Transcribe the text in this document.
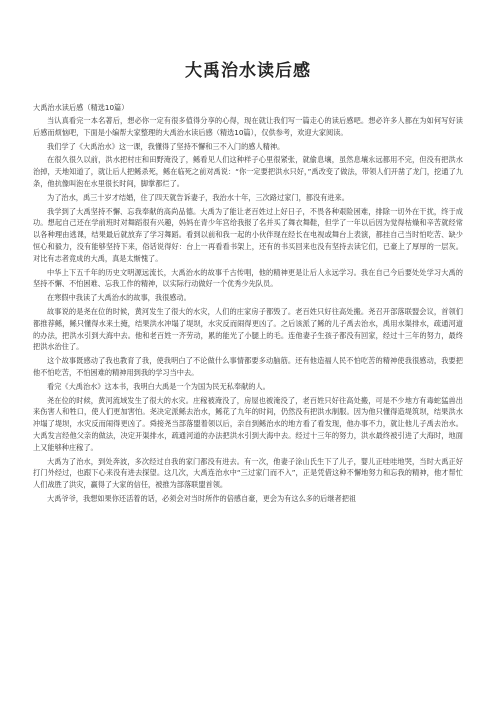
大禹治水读后感
大禹治水读后感（精选10篇）

当认真看完一本名著后，想必你一定有很多值得分享的心得，现在就让我们写一篇走心的读后感吧。想必许多人都在为如何写好读后感而烦恼吧，下面是小编帮大家整理的大禹治水读后感（精选10篇），仅供参考，欢迎大家阅读。

我们学了《大禹治水》这一课，我懂得了坚持不懈和三不入门的感人精神。

在很久很久以前，洪水把村庄和田野淹没了，鲧看见人们这种样子心里很紧张，就偷息壤，虽然息壤永远都用不完，但没有把洪水治掉，天地知道了，就让后人把鲧杀死，鲧在临死之前对禹说：“你一定要把洪水只好，”禹改变了做法，带领人们开凿了龙门，挖通了九条，他抗像叫泡在水里很长时间，脚掌都烂了。

为了治水，禹三十岁才结婚，住了四天就告诉妻子，我治水十年，三次路过家门，都没有进来。

我学到了大禹坚持不懈、忘我奉献的高尚品德。大禹为了能让老百姓过上好日子，不畏各种艰险困难，排除一切外在干扰，终于成功。想起自己还在学前班时对舞蹈很有兴趣，妈妈在青少年宫给我报了名并买了舞衣舞鞋，但学了一年以后因为觉得枯燥和辛苦就经常以各种理由逃课，结果最后就放弃了学习舞蹈。看到以前和我一起的小伙伴现在经长在电视或舞台上表演，都挂自己当时怕吃苦、缺少恒心和毅力，没有能够坚持下来，俗话说得好：台上一再看看书架上，还有的书买回来也没有坚持去读它们，已豪上了厚厚的一层灰。对比有志者竟成的大禹，真是太惭愧了。

中华上下五千年的历史文明源远流长，大禹治水的故事千古传唱，他的精神更是让后人永远学习。我在自己今后要处处学习大禹的坚持不懈、不怕困难、忘我工作的精神，以实际行动做好一个优秀少先队员。

在寒假中我读了大禹治水的故事，我很感动。

故事说的是尧在位的时候，黄河发生了很大的水灾，人们的庄家房子都毁了。老百姓只好往高处搬。尧召开部落联盟会议，首领们都推荐鲧，鲧只懂得水来土掩，结果洪水冲塌了堤坝，水灾反而闹得更凶了。之后该派了鲧的儿子禹去治水，禹用水渠排水，疏通河道的办法，把洪水引到大海中去。他和老百姓一齐劳动，累的能光了小腿上的毛。连他妻子生孩子都没有回家，经过十三年的努力，最终把洪水治住了。

这个故事既感动了我也教育了我，使我明白了不论做什么事情都要多动脑筋。还有他造福人民不怕吃苦的精神使我很感动，我要把他不怕吃苦，不怕困难的精神用到我的学习当中去。

看完《大禹治水》这本书，我明白大禹是一个为国为民无私奉献的人。

尧在位的时候，黄河流域发生了很大的水灾。庄稼被淹没了，房屋也被淹没了，老百姓只好往高处搬，可是不少地方有毒蛇猛兽出来伤害人和牲口，使人们更加害怕。尧决定派鲧去治水，鲧花了九年的时间，仍然没有把洪水制服。因为他只懂得造堤筑坝，结果洪水冲塌了堤坝，水灾反而闹得更凶了。舜接尧当部落盟着领以后，亲自到鲧治水的地方看了看发现，他办事不力，就让他儿子禹去治水。大禹发言经他父亲的做法，决定开渠排水，疏通河道的办法把洪水引到大海中去。经过十三年的努力，洪水最终被引进了大海时，地面上又能够种庄稼了。

大禹为了治水，到处奔波，多次经过自我的家门都没有进去。有一次，他妻子涂山氏生下了儿子，婴儿正哇哇地哭，当时大禹正好打门外经过，也跟下心来没有进去探望。这几次，大禹连治水中“三过家门而不入”，正是凭借这种不懈地努力和忘我的精神，他才帮忙人们战胜了洪灾，赢得了大家的信任，被推为部落联盟首领。

大禹爷爷，我想如果你还活着的话，必须会对当时所作的倍感自豪，更会为有这么多的后继者把祖
